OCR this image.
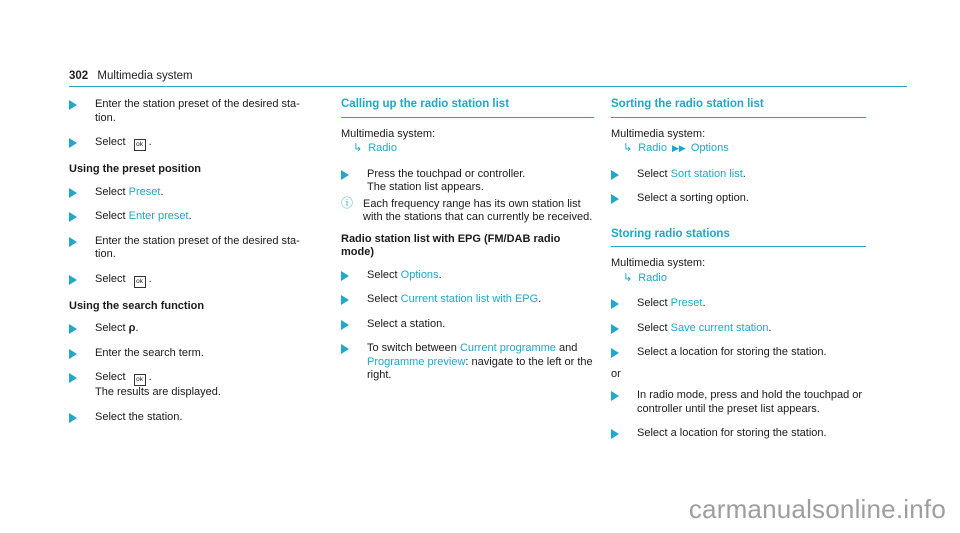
302 Multimedia system

Enter the station preset of the desired sta-
tion.

Select ok .

Using the preset position

Select Preset.

Select Enter preset.

Enter the station preset of the desired sta-
tion.

Select ok .

Using the search function

Select ρ.

Enter the search term.

Select ok .

The results are displayed.

Select the station.

Calling up the radio station list
Multimedia system:
↳ Radio

Press the touchpad or controller.

The station list appears.

ⓘ Each frequency range has its own station list with the stations that can currently be received.
Radio station list with EPG (FM/DAB radio mode)

Select Options.

Select Current station list with EPG.

Select a station.

To switch between Current programme and Programme preview: navigate to the left or the right.

Sorting the radio station list
Multimedia system:
↳ Radio ▶▶ Options

Select Sort station list.

Select a sorting option.

Storing radio stations
Multimedia system:
↳ Radio

Select Preset.

Select Save current station.

Select a location for storing the station.

or

In radio mode, press and hold the touchpad or controller until the preset list appears.

Select a location for storing the station.

carmanualsonline.info
